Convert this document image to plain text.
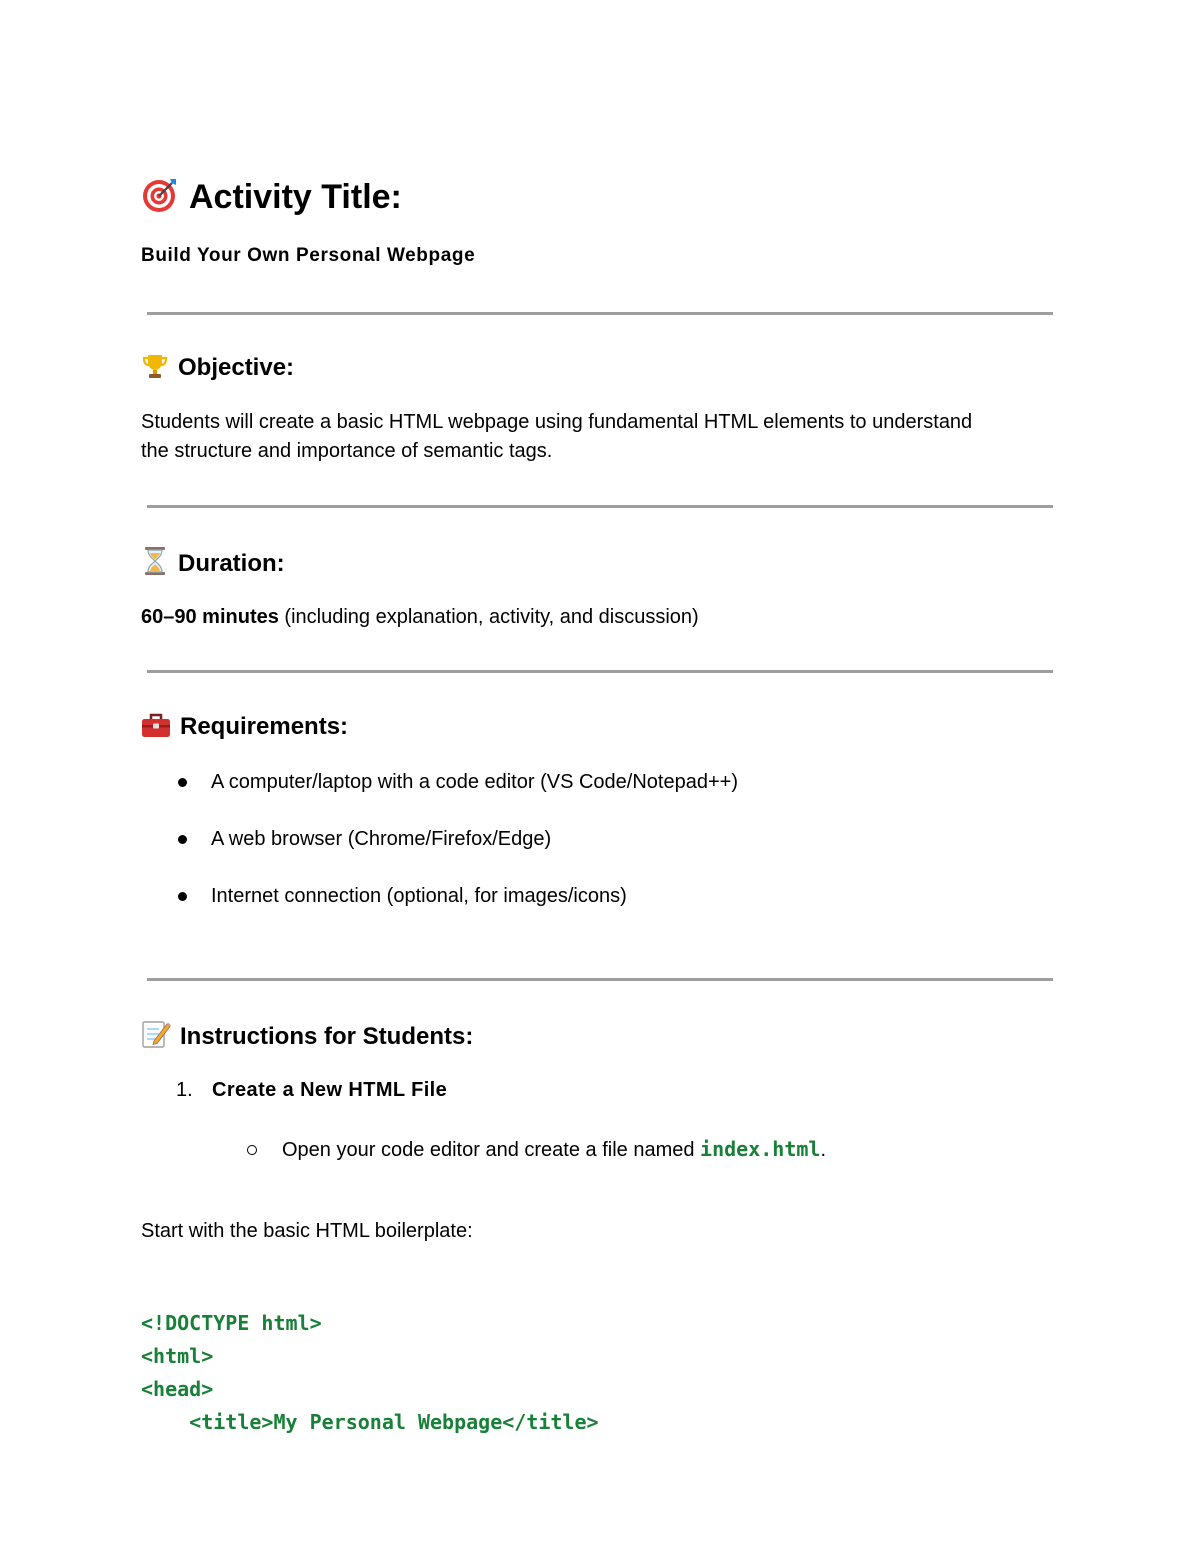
Activity Title:
Build Your Own Personal Webpage
Objective:
Students will create a basic HTML webpage using fundamental HTML elements to understand
the structure and importance of semantic tags.
Duration:
60–90 minutes (including explanation, activity, and discussion)
Requirements:
A computer/laptop with a code editor (VS Code/Notepad++)
A web browser (Chrome/Firefox/Edge)
Internet connection (optional, for images/icons)
Instructions for Students:
1. Create a New HTML File
Open your code editor and create a file named index.html.
Start with the basic HTML boilerplate:

<!DOCTYPE html>
<html>
<head>
<title>My Personal Webpage</title>
